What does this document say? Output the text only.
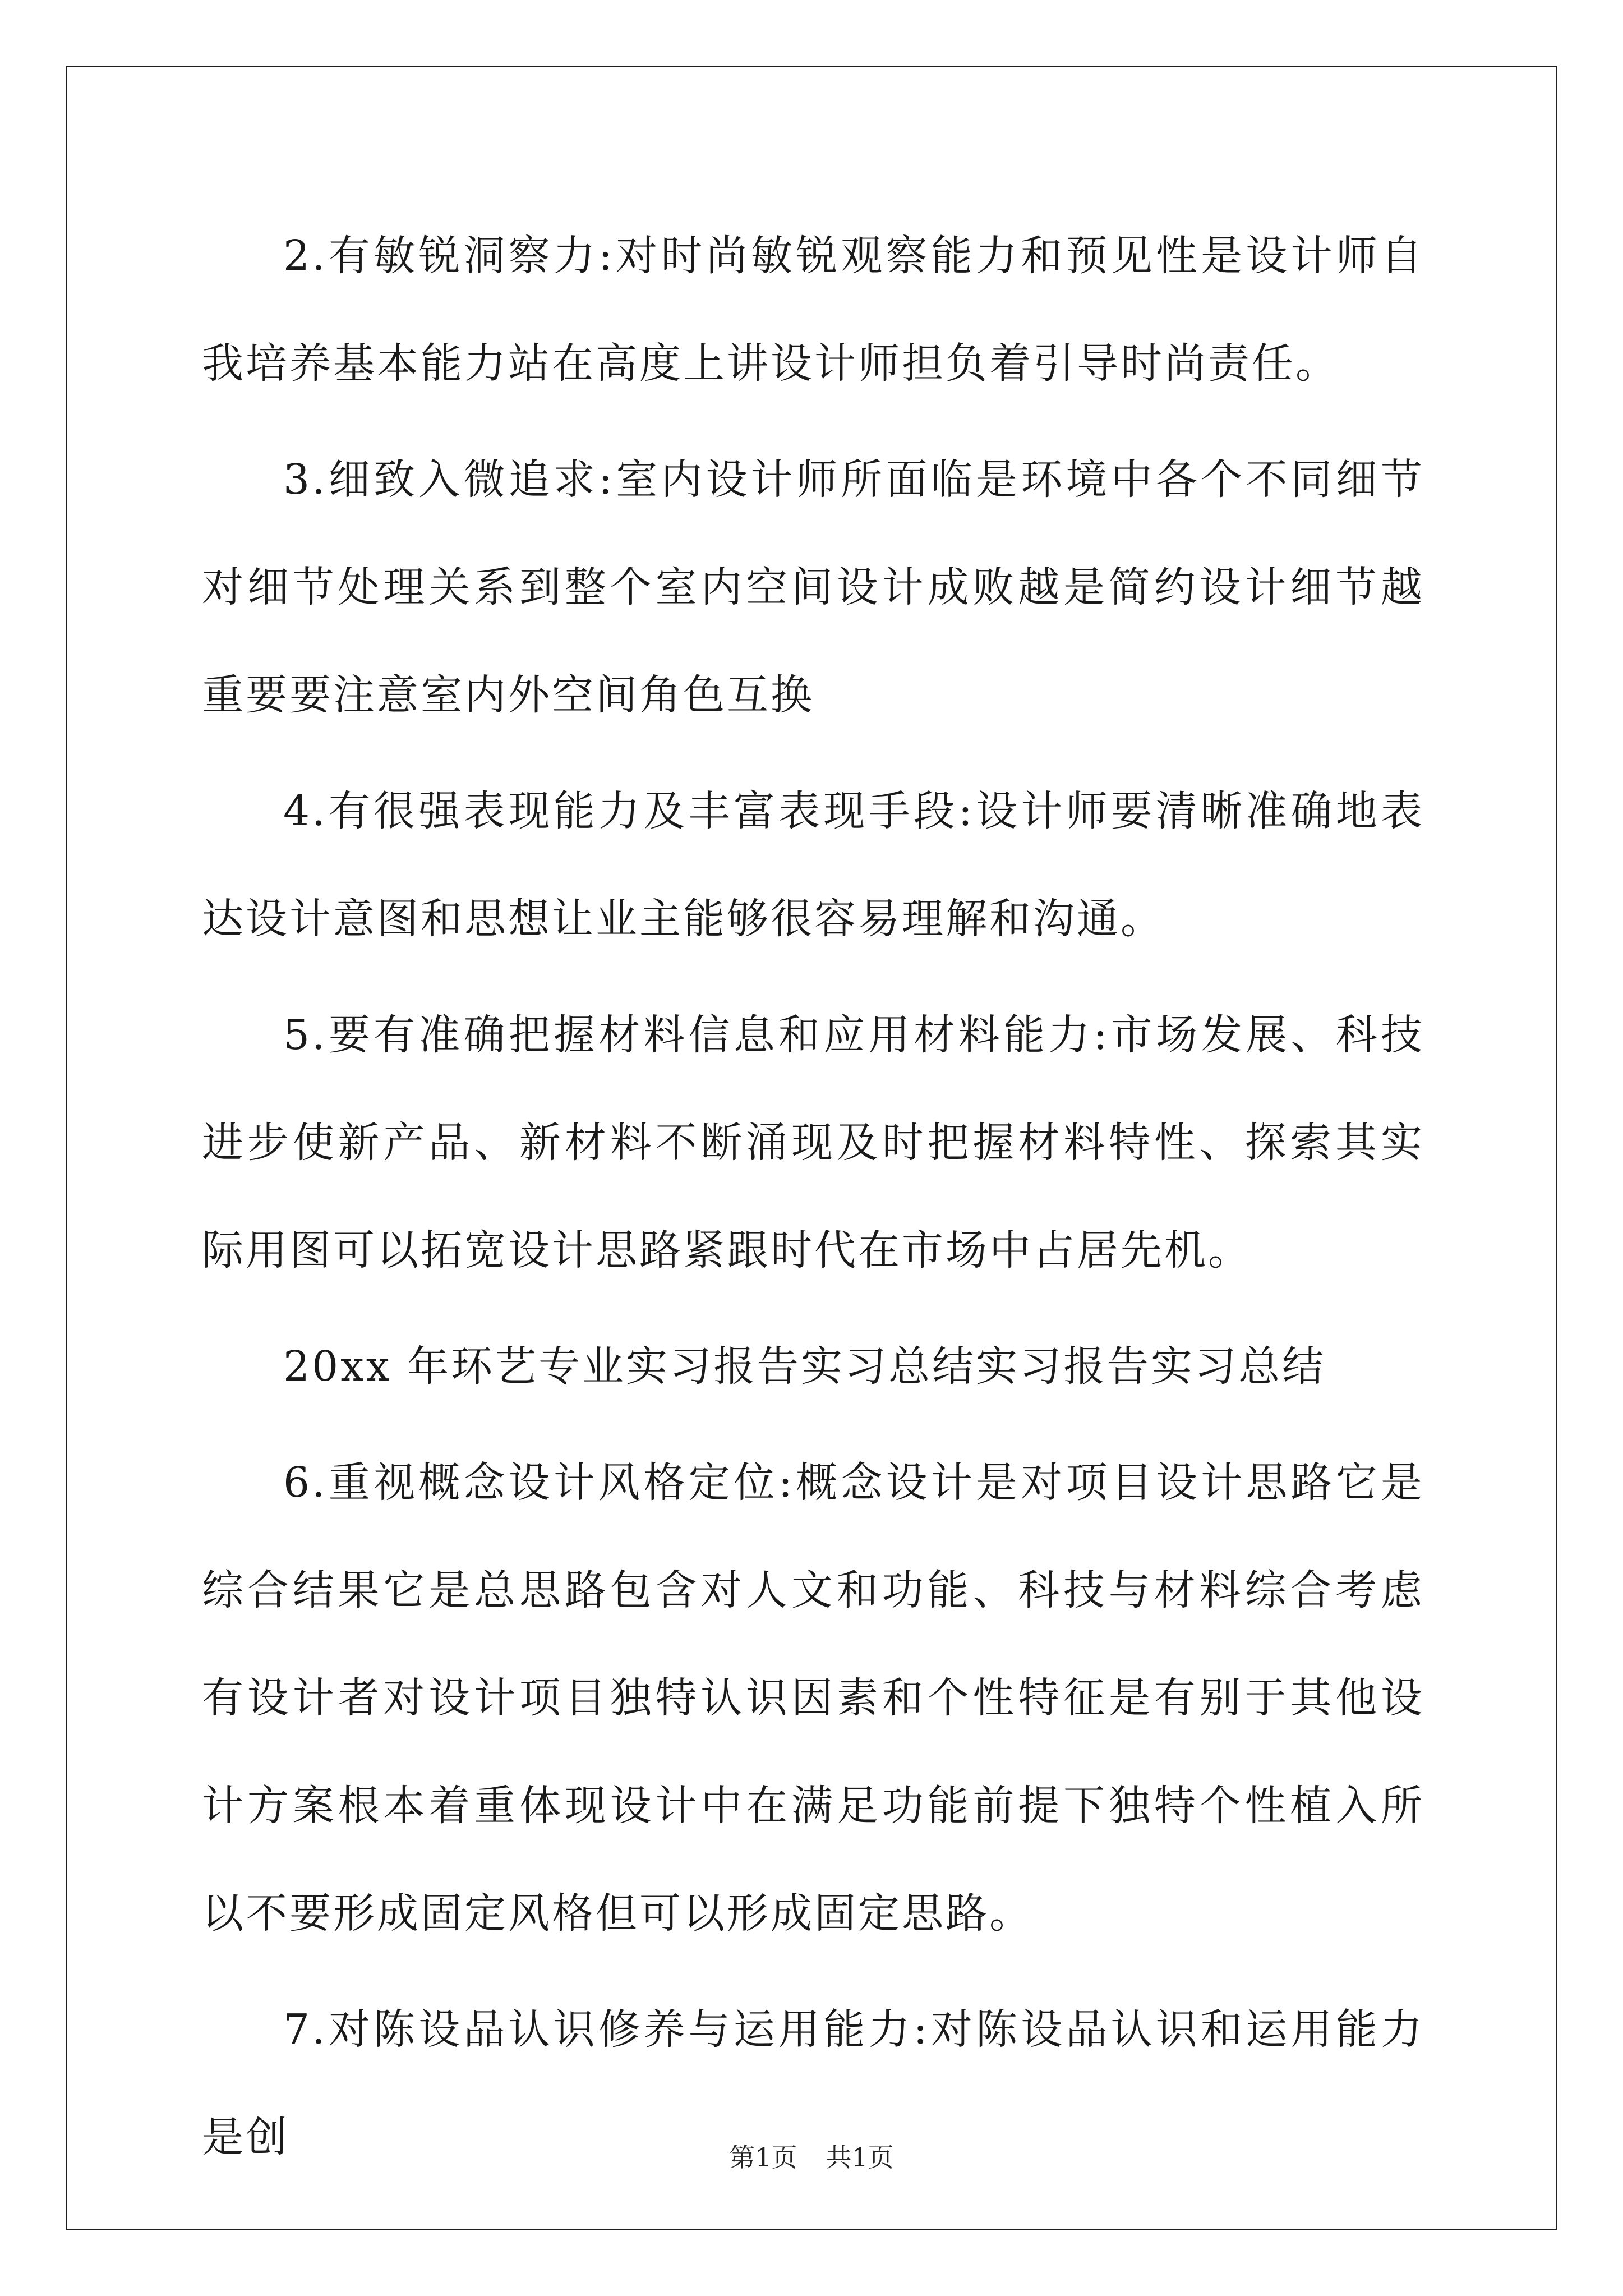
2.有敏锐洞察力:对时尚敏锐观察能力和预见性是设计师自我培养基本能力站在高度上讲设计师担负着引导时尚责任。

3.细致入微追求:室内设计师所面临是环境中各个不同细节对细节处理关系到整个室内空间设计成败越是简约设计细节越重要要注意室内外空间角色互换

4.有很强表现能力及丰富表现手段:设计师要清晰准确地表达设计意图和思想让业主能够很容易理解和沟通。

5.要有准确把握材料信息和应用材料能力:市场发展、科技进步使新产品、新材料不断涌现及时把握材料特性、探索其实际用图可以拓宽设计思路紧跟时代在市场中占居先机。

20xx 年环艺专业实习报告实习总结实习报告实习总结

6.重视概念设计风格定位:概念设计是对项目设计思路它是综合结果它是总思路包含对人文和功能、科技与材料综合考虑有设计者对设计项目独特认识因素和个性特征是有别于其他设计方案根本着重体现设计中在满足功能前提下独特个性植入所以不要形成固定风格但可以形成固定思路。

7.对陈设品认识修养与运用能力:对陈设品认识和运用能力是创	第1页 共1页
